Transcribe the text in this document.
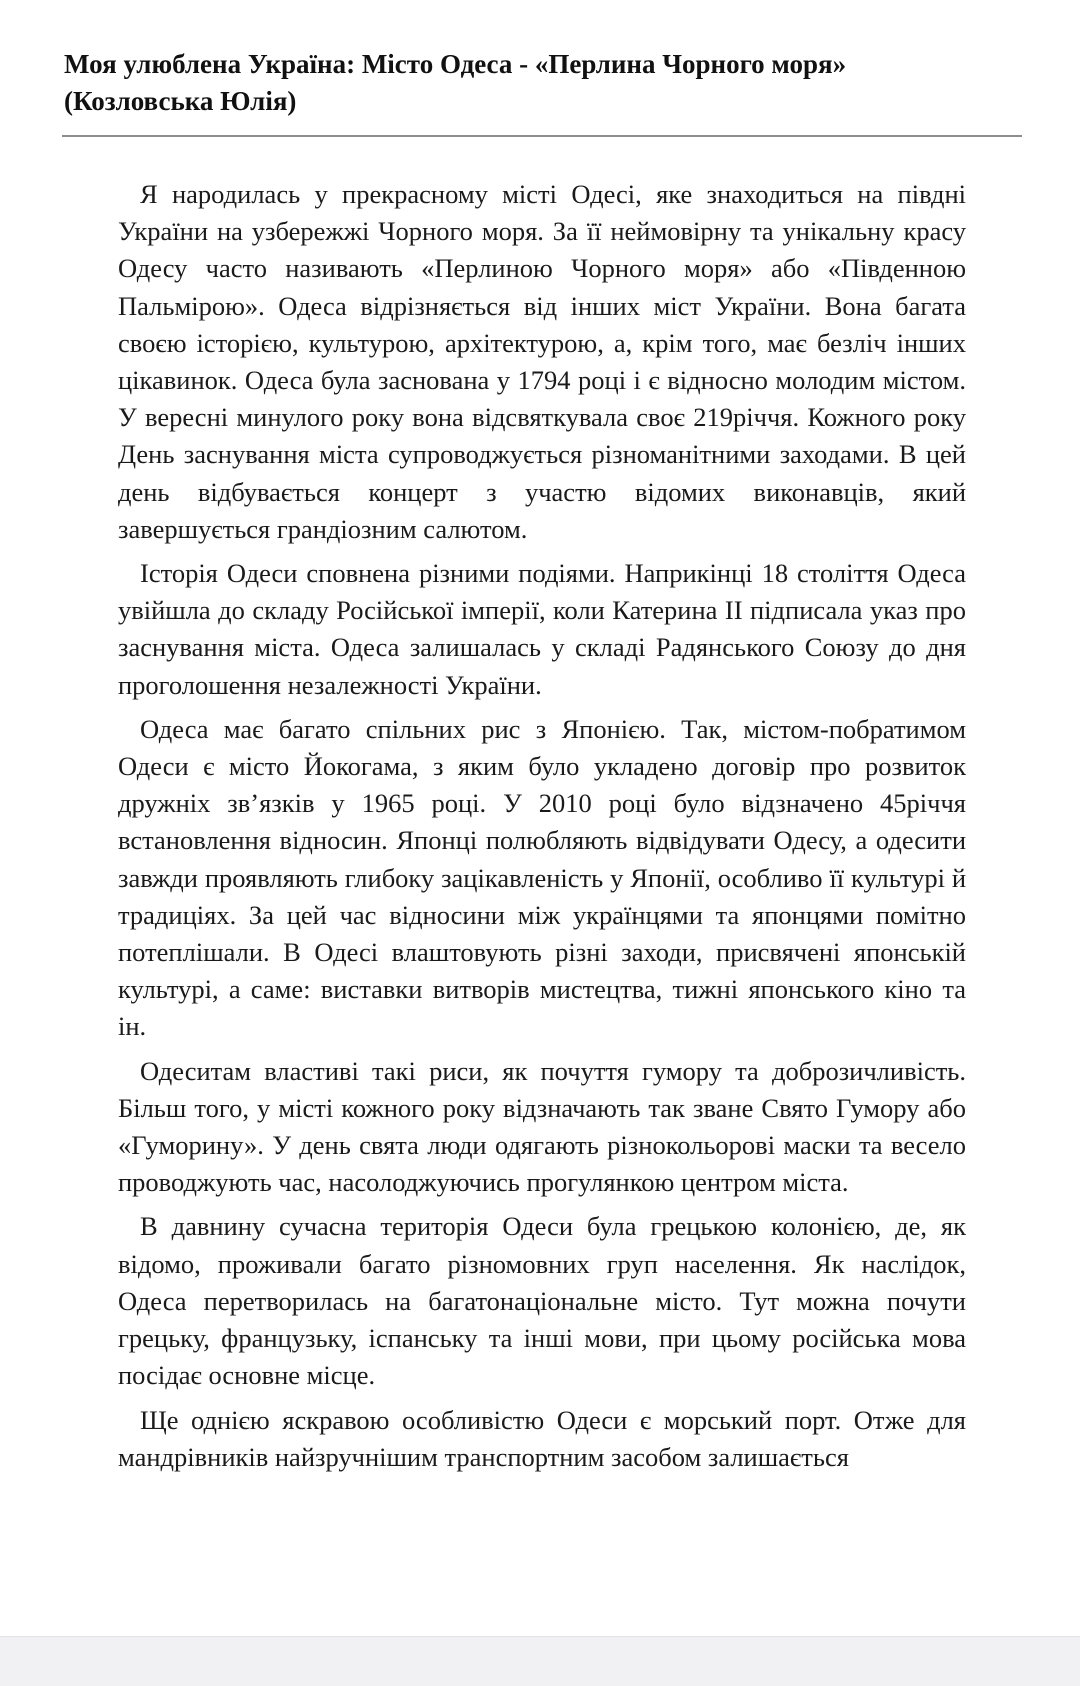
Моя улюблена Україна: Місто Одеса - «Перлина Чорного моря»
(Козловська Юлія)

Я народилась у прекрасному місті Одесі, яке знаходиться на півдні України на узбережжі Чорного моря. За її неймовірну та унікальну красу Одесу часто називають «Перлиною Чорного моря» або «Південною Пальмірою». Одеса відрізняється від інших міст України. Вона багата своєю історією, культурою, архітектурою, а, крім того, має безліч інших цікавинок. Одеса була заснована у 1794 році і є відносно молодим містом. У вересні минулого року вона відсвяткувала своє 219річчя. Кожного року День заснування міста супроводжується різноманітними заходами. В цей день відбувається концерт з участю відомих виконавців, який завершується грандіозним салютом.

Історія Одеси сповнена різними подіями. Наприкінці 18 століття Одеса увійшла до складу Російської імперії, коли Катерина ІІ підписала указ про заснування міста. Одеса залишалась у складі Радянського Союзу до дня проголошення незалежності України.

Одеса має багато спільних рис з Японією. Так, містом-побратимом Одеси є місто Йокогама, з яким було укладено договір про розвиток дружніх зв’язків у 1965 році. У 2010 році було відзначено 45річчя встановлення відносин. Японці полюбляють відвідувати Одесу, а одесити завжди проявляють глибоку зацікавленість у Японії, особливо її культурі й традиціях. За цей час відносини між українцями та японцями помітно потеплішали. В Одесі влаштовують різні заходи, присвячені японській культурі, а саме: виставки витворів мистецтва, тижні японського кіно та ін.

Одеситам властиві такі риси, як почуття гумору та доброзичливість. Більш того, у місті кожного року відзначають так зване Свято Гумору або «Гуморину». У день свята люди одягають різнокольорові маски та весело проводжують час, насолоджуючись прогулянкою центром міста.

В давнину сучасна територія Одеси була грецькою колонією, де, як відомо, проживали багато різномовних груп населення. Як наслідок, Одеса перетворилась на багатонаціональне місто. Тут можна почути грецьку, французьку, іспанську та інші мови, при цьому російська мова посідає основне місце.

Ще однією яскравою особливістю Одеси є морський порт. Отже для мандрівників найзручнішим транспортним засобом залишається
